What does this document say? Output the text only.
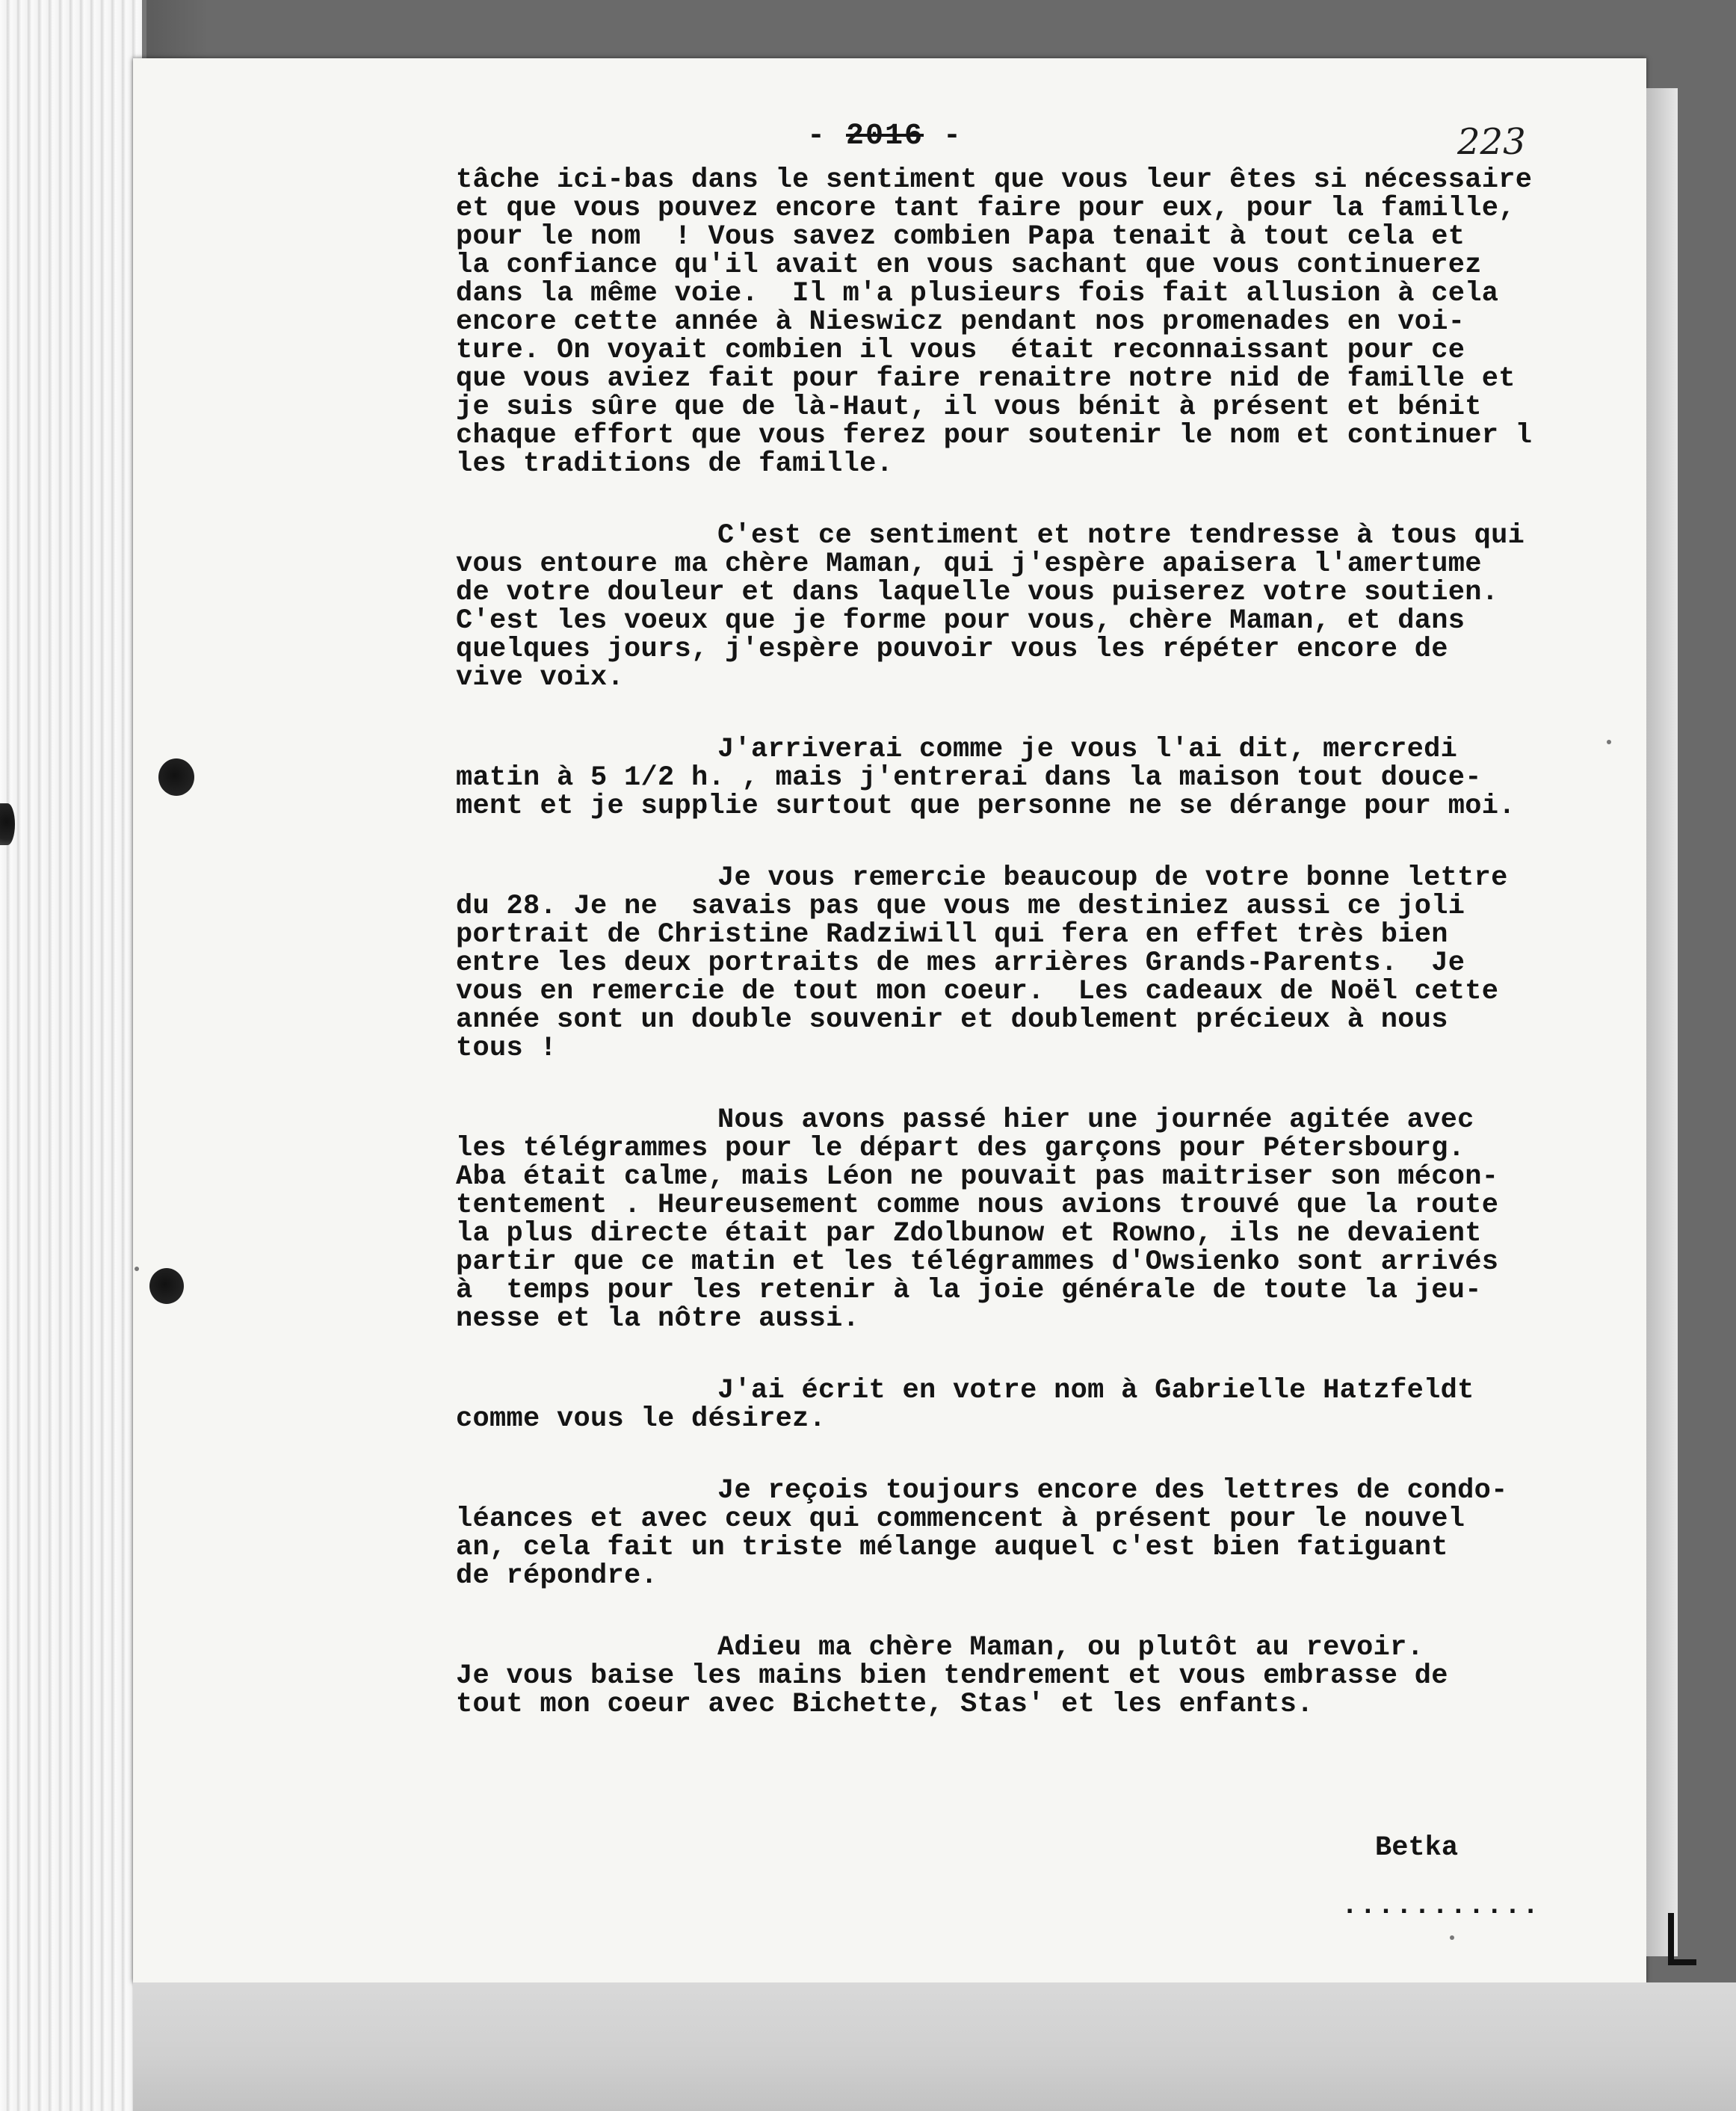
- 2016 -	223
tâche ici-bas dans le sentiment que vous leur êtes si nécessaire
et que vous pouvez encore tant faire pour eux, pour la famille,
pour le nom  ! Vous savez combien Papa tenait à tout cela et
la confiance qu'il avait en vous sachant que vous continuerez
dans la même voie.  Il m'a plusieurs fois fait allusion à cela
encore cette année à Nieswicz pendant nos promenades en voi-
ture. On voyait combien il vous  était reconnaissant pour ce
que vous aviez fait pour faire renaitre notre nid de famille et
je suis sûre que de là-Haut, il vous bénit à présent et bénit
chaque effort que vous ferez pour soutenir le nom et continuer l
les traditions de famille.
C'est ce sentiment et notre tendresse à tous qui
vous entoure ma chère Maman, qui j'espère apaisera l'amertume
de votre douleur et dans laquelle vous puiserez votre soutien.
C'est les voeux que je forme pour vous, chère Maman, et dans
quelques jours, j'espère pouvoir vous les répéter encore de
vive voix.
J'arriverai comme je vous l'ai dit, mercredi
matin à 5 1/2 h. , mais j'entrerai dans la maison tout douce-
ment et je supplie surtout que personne ne se dérange pour moi.
Je vous remercie beaucoup de votre bonne lettre
du 28. Je ne  savais pas que vous me destiniez aussi ce joli
portrait de Christine Radziwill qui fera en effet très bien
entre les deux portraits de mes arrières Grands-Parents.  Je
vous en remercie de tout mon coeur.  Les cadeaux de Noël cette
année sont un double souvenir et doublement précieux à nous
tous !
Nous avons passé hier une journée agitée avec
les télégrammes pour le départ des garçons pour Pétersbourg.
Aba était calme, mais Léon ne pouvait pas maitriser son mécon-
tentement . Heureusement comme nous avions trouvé que la route
la plus directe était par Zdolbunow et Rowno, ils ne devaient
partir que ce matin et les télégrammes d'Owsienko sont arrivés
à  temps pour les retenir à la joie générale de toute la jeu-
nesse et la nôtre aussi.
J'ai écrit en votre nom à Gabrielle Hatzfeldt
comme vous le désirez.
Je reçois toujours encore des lettres de condo-
léances et avec ceux qui commencent à présent pour le nouvel
an, cela fait un triste mélange auquel c'est bien fatiguant
de répondre.
Adieu ma chère Maman, ou plutôt au revoir.
Je vous baise les mains bien tendrement et vous embrasse de
tout mon coeur avec Bichette, Stas' et les enfants.
Betka
...........
